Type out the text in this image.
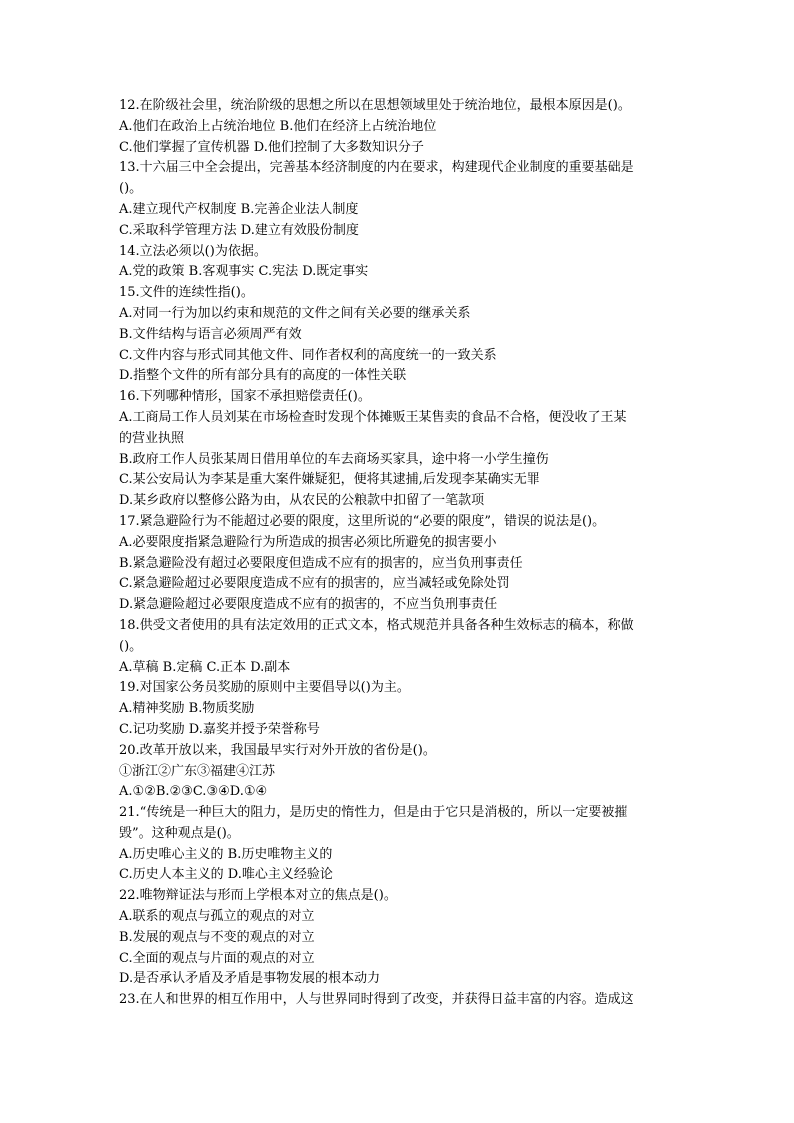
12.在阶级社会里，统治阶级的思想之所以在思想领域里处于统治地位，最根本原因是()。
A.他们在政治上占统治地位 B.他们在经济上占统治地位
C.他们掌握了宣传机器 D.他们控制了大多数知识分子
13.十六届三中全会提出，完善基本经济制度的内在要求，构建现代企业制度的重要基础是
()。
A.建立现代产权制度 B.完善企业法人制度
C.采取科学管理方法 D.建立有效股份制度
14.立法必须以()为依据。
A.党的政策 B.客观事实 C.宪法 D.既定事实
15.文件的连续性指()。
A.对同一行为加以约束和规范的文件之间有关必要的继承关系
B.文件结构与语言必须周严有效
C.文件内容与形式同其他文件、同作者权利的高度统一的一致关系
D.指整个文件的所有部分具有的高度的一体性关联
16.下列哪种情形，国家不承担赔偿责任()。
A.工商局工作人员刘某在市场检查时发现个体摊贩王某售卖的食品不合格，便没收了王某
的营业执照
B.政府工作人员张某周日借用单位的车去商场买家具，途中将一小学生撞伤
C.某公安局认为李某是重大案件嫌疑犯，便将其逮捕,后发现李某确实无罪
D.某乡政府以整修公路为由，从农民的公粮款中扣留了一笔款项
17.紧急避险行为不能超过必要的限度，这里所说的“必要的限度”，错误的说法是()。
A.必要限度指紧急避险行为所造成的损害必须比所避免的损害要小
B.紧急避险没有超过必要限度但造成不应有的损害的，应当负刑事责任
C.紧急避险超过必要限度造成不应有的损害的，应当减轻或免除处罚
D.紧急避险超过必要限度造成不应有的损害的，不应当负刑事责任
18.供受文者使用的具有法定效用的正式文本，格式规范并具备各种生效标志的稿本，称做
()。
A.草稿 B.定稿 C.正本 D.副本
19.对国家公务员奖励的原则中主要倡导以()为主。
A.精神奖励 B.物质奖励
C.记功奖励 D.嘉奖并授予荣誉称号
20.改革开放以来，我国最早实行对外开放的省份是()。
①浙江②广东③福建④江苏
A.①②B.②③C.③④D.①④
21.“传统是一种巨大的阻力，是历史的惰性力，但是由于它只是消极的，所以一定要被摧
毁”。这种观点是()。
A.历史唯心主义的 B.历史唯物主义的
C.历史人本主义的 D.唯心主义经验论
22.唯物辩证法与形而上学根本对立的焦点是()。
A.联系的观点与孤立的观点的对立
B.发展的观点与不变的观点的对立
C.全面的观点与片面的观点的对立
D.是否承认矛盾及矛盾是事物发展的根本动力
23.在人和世界的相互作用中，人与世界同时得到了改变，并获得日益丰富的内容。造成这
